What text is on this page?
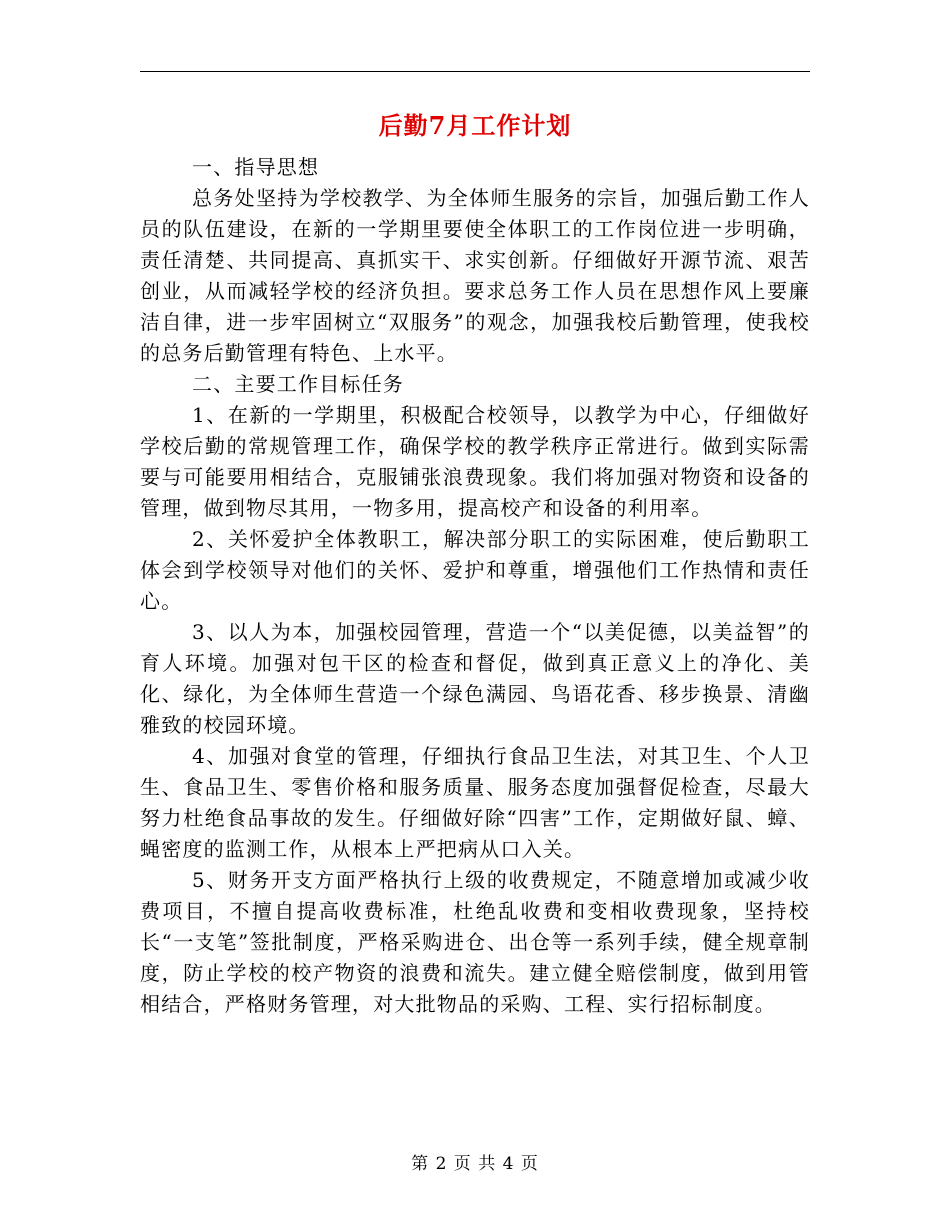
后勤7月工作计划

一、指导思想

总务处坚持为学校教学、为全体师生服务的宗旨，加强后勤工作人员的队伍建设，在新的一学期里要使全体职工的工作岗位进一步明确，责任清楚、共同提高、真抓实干、求实创新。仔细做好开源节流、艰苦创业，从而减轻学校的经济负担。要求总务工作人员在思想作风上要廉洁自律，进一步牢固树立“双服务”的观念，加强我校后勤管理，使我校的总务后勤管理有特色、上水平。

二、主要工作目标任务

1、在新的一学期里，积极配合校领导，以教学为中心，仔细做好学校后勤的常规管理工作，确保学校的教学秩序正常进行。做到实际需要与可能要用相结合，克服铺张浪费现象。我们将加强对物资和设备的管理，做到物尽其用，一物多用，提高校产和设备的利用率。

2、关怀爱护全体教职工，解决部分职工的实际困难，使后勤职工体会到学校领导对他们的关怀、爱护和尊重，增强他们工作热情和责任心。

3、以人为本，加强校园管理，营造一个“以美促德，以美益智”的育人环境。加强对包干区的检查和督促，做到真正意义上的净化、美化、绿化，为全体师生营造一个绿色满园、鸟语花香、移步换景、清幽雅致的校园环境。

4、加强对食堂的管理，仔细执行食品卫生法，对其卫生、个人卫生、食品卫生、零售价格和服务质量、服务态度加强督促检查，尽最大努力杜绝食品事故的发生。仔细做好除“四害”工作，定期做好鼠、蟑、蝇密度的监测工作，从根本上严把病从口入关。

5、财务开支方面严格执行上级的收费规定，不随意增加或减少收费项目，不擅自提高收费标准，杜绝乱收费和变相收费现象，坚持校长“一支笔”签批制度，严格采购进仓、出仓等一系列手续，健全规章制度，防止学校的校产物资的浪费和流失。建立健全赔偿制度，做到用管相结合，严格财务管理，对大批物品的采购、工程、实行招标制度。

第 2 页 共 4 页
